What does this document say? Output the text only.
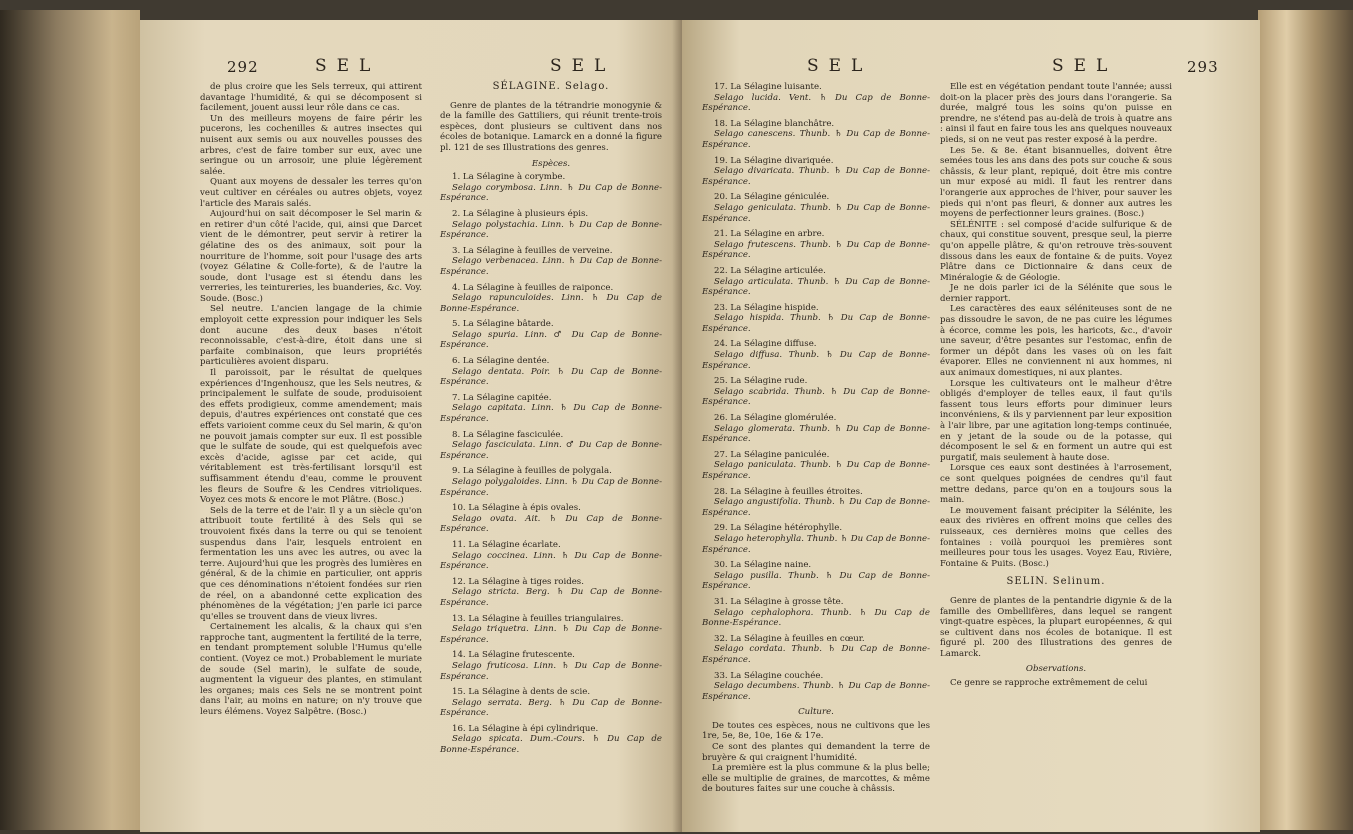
292	SEL	SEL

de plus croire que les Sels terreux, qui attirent davantage l'humidité, & qui se décomposent si facilement, jouent aussi leur rôle dans ce cas.

Un des meilleurs moyens de faire périr les pucerons, les cochenilles & autres insectes qui nuisent aux semis ou aux nouvelles pousses des arbres, c'est de faire tomber sur eux, avec une seringue ou un arrosoir, une pluie légèrement salée.

Quant aux moyens de dessaler les terres qu'on veut cultiver en céréales ou autres objets, voyez l'article des Marais salés.

Aujourd'hui on sait décomposer le Sel marin & en retirer d'un côté l'acide, qui, ainsi que Darcet vient de le démontrer, peut servir à retirer la gélatine des os des animaux, soit pour la nourriture de l'homme, soit pour l'usage des arts (voyez Gélatine & Colle-forte), & de l'autre la soude, dont l'usage est si étendu dans les verreries, les teintureries, les buanderies, &c. Voy. Soude. (Bosc.)

Sel neutre. L'ancien langage de la chimie employoit cette expression pour indiquer les Sels dont aucune des deux bases n'étoit reconnoissable, c'est-à-dire, étoit dans une si parfaite combinaison, que leurs propriétés particulières avoient disparu.

Il paroissoit, par le résultat de quelques expériences d'Ingenhousz, que les Sels neutres, & principalement le sulfate de soude, produisoient des effets prodigieux, comme amendement; mais depuis, d'autres expériences ont constaté que ces effets varioient comme ceux du Sel marin, & qu'on ne pouvoit jamais compter sur eux. Il est possible que le sulfate de soude, qui est quelquefois avec excès d'acide, agisse par cet acide, qui véritablement est très-fertilisant lorsqu'il est suffisamment étendu d'eau, comme le prouvent les fleurs de Soufre & les Cendres vitrioliques. Voyez ces mots & encore le mot Plâtre. (Bosc.)

Sels de la terre et de l'air. Il y a un siècle qu'on attribuoit toute fertilité à des Sels qui se trouvoient fixés dans la terre ou qui se tenoient suspendus dans l'air, lesquels entroient en fermentation les uns avec les autres, ou avec la terre. Aujourd'hui que les progrès des lumières en général, & de la chimie en particulier, ont appris que ces dénominations n'étoient fondées sur rien de réel, on a abandonné cette explication des phénomènes de la végétation; j'en parle ici parce qu'elles se trouvent dans de vieux livres.

Certainement les alcalis, & la chaux qui s'en rapproche tant, augmentent la fertilité de la terre, en tendant promptement soluble l'Humus qu'elle contient. (Voyez ce mot.) Probablement le muriate de soude (Sel marin), le sulfate de soude, augmentent la vigueur des plantes, en stimulant les organes; mais ces Sels ne se montrent point dans l'air, au moins en nature; on n'y trouve que leurs élémens. Voyez Salpêtre. (Bosc.)

SÉLAGINE. Selago.

Genre de plantes de la tétrandrie monogynie & de la famille des Gattiliers, qui réunit trente-trois espèces, dont plusieurs se cultivent dans nos écoles de botanique. Lamarck en a donné la figure pl. 121 de ses Illustrations des genres.

Espèces.

1. La Sélagine à corymbe.

Selago corymbosa. Linn. ♄ Du Cap de Bonne-Espérance.

2. La Sélagine à plusieurs épis.

Selago polystachia. Linn. ♄ Du Cap de Bonne-Espérance.

3. La Sélagine à feuilles de verveine.

Selago verbenacea. Linn. ♄ Du Cap de Bonne-Espérance.

4. La Sélagine à feuilles de raiponce.

Selago rapunculoides. Linn. ♄ Du Cap de Bonne-Espérance.

5. La Sélagine bâtarde.

Selago spuria. Linn. ♂ Du Cap de Bonne-Espérance.

6. La Sélagine dentée.

Selago dentata. Poir. ♄ Du Cap de Bonne-Espérance.

7. La Sélagine capitée.

Selago capitata. Linn. ♄ Du Cap de Bonne-Espérance.

8. La Sélagine fasciculée.

Selago fasciculata. Linn. ♂ Du Cap de Bonne-Espérance.

9. La Sélagine à feuilles de polygala.

Selago polygaloides. Linn. ♄ Du Cap de Bonne-Espérance.

10. La Sélagine à épis ovales.

Selago ovata. Ait. ♄ Du Cap de Bonne-Espérance.

11. La Sélagine écarlate.

Selago coccinea. Linn. ♄ Du Cap de Bonne-Espérance.

12. La Sélagine à tiges roides.

Selago stricta. Berg. ♄ Du Cap de Bonne-Espérance.

13. La Sélagine à feuilles triangulaires.

Selago triquetra. Linn. ♄ Du Cap de Bonne-Espérance.

14. La Sélagine frutescente.

Selago fruticosa. Linn. ♄ Du Cap de Bonne-Espérance.

15. La Sélagine à dents de scie.

Selago serrata. Berg. ♄ Du Cap de Bonne-Espérance.

16. La Sélagine à épi cylindrique.

Selago spicata. Dum.-Cours. ♄ Du Cap de Bonne-Espérance.

SEL	SEL	293

17. La Sélagine luisante.

Selago lucida. Vent. ♄ Du Cap de Bonne-Espérance.

18. La Sélagine blanchâtre.

Selago canescens. Thunb. ♄ Du Cap de Bonne-Espérance.

19. La Sélagine divariquée.

Selago divaricata. Thunb. ♄ Du Cap de Bonne-Espérance.

20. La Sélagine géniculée.

Selago geniculata. Thunb. ♄ Du Cap de Bonne-Espérance.

21. La Sélagine en arbre.

Selago frutescens. Thunb. ♄ Du Cap de Bonne-Espérance.

22. La Sélagine articulée.

Selago articulata. Thunb. ♄ Du Cap de Bonne-Espérance.

23. La Sélagine hispide.

Selago hispida. Thunb. ♄ Du Cap de Bonne-Espérance.

24. La Sélagine diffuse.

Selago diffusa. Thunb. ♄ Du Cap de Bonne-Espérance.

25. La Sélagine rude.

Selago scabrida. Thunb. ♄ Du Cap de Bonne-Espérance.

26. La Sélagine glomérulée.

Selago glomerata. Thunb. ♄ Du Cap de Bonne-Espérance.

27. La Sélagine paniculée.

Selago paniculata. Thunb. ♄ Du Cap de Bonne-Espérance.

28. La Sélagine à feuilles étroites.

Selago angustifolia. Thunb. ♄ Du Cap de Bonne-Espérance.

29. La Sélagine hétérophylle.

Selago heterophylla. Thunb. ♄ Du Cap de Bonne-Espérance.

30. La Sélagine naine.

Selago pusilla. Thunb. ♄ Du Cap de Bonne-Espérance.

31. La Sélagine à grosse tête.

Selago cephalophora. Thunb. ♄ Du Cap de Bonne-Espérance.

32. La Sélagine à feuilles en cœur.

Selago cordata. Thunb. ♄ Du Cap de Bonne-Espérance.

33. La Sélagine couchée.

Selago decumbens. Thunb. ♄ Du Cap de Bonne-Espérance.

Culture.

De toutes ces espèces, nous ne cultivons que les 1re, 5e, 8e, 10e, 16e & 17e.

Ce sont des plantes qui demandent la terre de bruyère & qui craignent l'humidité.

La première est la plus commune & la plus belle; elle se multiplie de graines, de marcottes, & même de boutures faites sur une couche à châssis.

Elle est en végétation pendant toute l'année; aussi doit-on la placer près des jours dans l'orangerie. Sa durée, malgré tous les soins qu'on puisse en prendre, ne s'étend pas au-delà de trois à quatre ans : ainsi il faut en faire tous les ans quelques nouveaux pieds, si on ne veut pas rester exposé à la perdre.

Les 5e. & 8e. étant bisannuelles, doivent être semées tous les ans dans des pots sur couche & sous châssis, & leur plant, repiqué, doit être mis contre un mur exposé au midi. Il faut les rentrer dans l'orangerie aux approches de l'hiver, pour sauver les pieds qui n'ont pas fleuri, & donner aux autres les moyens de perfectionner leurs graines. (Bosc.)

SÉLÉNITE : sel composé d'acide sulfurique & de chaux, qui constitue souvent, presque seul, la pierre qu'on appelle plâtre, & qu'on retrouve très-souvent dissous dans les eaux de fontaine & de puits. Voyez Plâtre dans ce Dictionnaire & dans ceux de Minéralogie & de Géologie.

Je ne dois parler ici de la Sélénite que sous le dernier rapport.

Les caractères des eaux séléniteuses sont de ne pas dissoudre le savon, de ne pas cuire les légumes à écorce, comme les pois, les haricots, &c., d'avoir une saveur, d'être pesantes sur l'estomac, enfin de former un dépôt dans les vases où on les fait évaporer. Elles ne conviennent ni aux hommes, ni aux animaux domestiques, ni aux plantes.

Lorsque les cultivateurs ont le malheur d'être obligés d'employer de telles eaux, il faut qu'ils fassent tous leurs efforts pour diminuer leurs inconvéniens, & ils y parviennent par leur exposition à l'air libre, par une agitation long-temps continuée, en y jetant de la soude ou de la potasse, qui décomposent le sel & en forment un autre qui est purgatif, mais seulement à haute dose.

Lorsque ces eaux sont destinées à l'arrosement, ce sont quelques poignées de cendres qu'il faut mettre dedans, parce qu'on en a toujours sous la main.

Le mouvement faisant précipiter la Sélénite, les eaux des rivières en offrent moins que celles des ruisseaux, ces dernières moins que celles des fontaines : voilà pourquoi les premières sont meilleures pour tous les usages. Voyez Eau, Rivière, Fontaine & Puits. (Bosc.)

SELIN. Selinum.

Genre de plantes de la pentandrie digynie & de la famille des Ombellifères, dans lequel se rangent vingt-quatre espèces, la plupart européennes, & qui se cultivent dans nos écoles de botanique. Il est figuré pl. 200 des Illustrations des genres de Lamarck.

Observations.

Ce genre se rapproche extrêmement de celui
